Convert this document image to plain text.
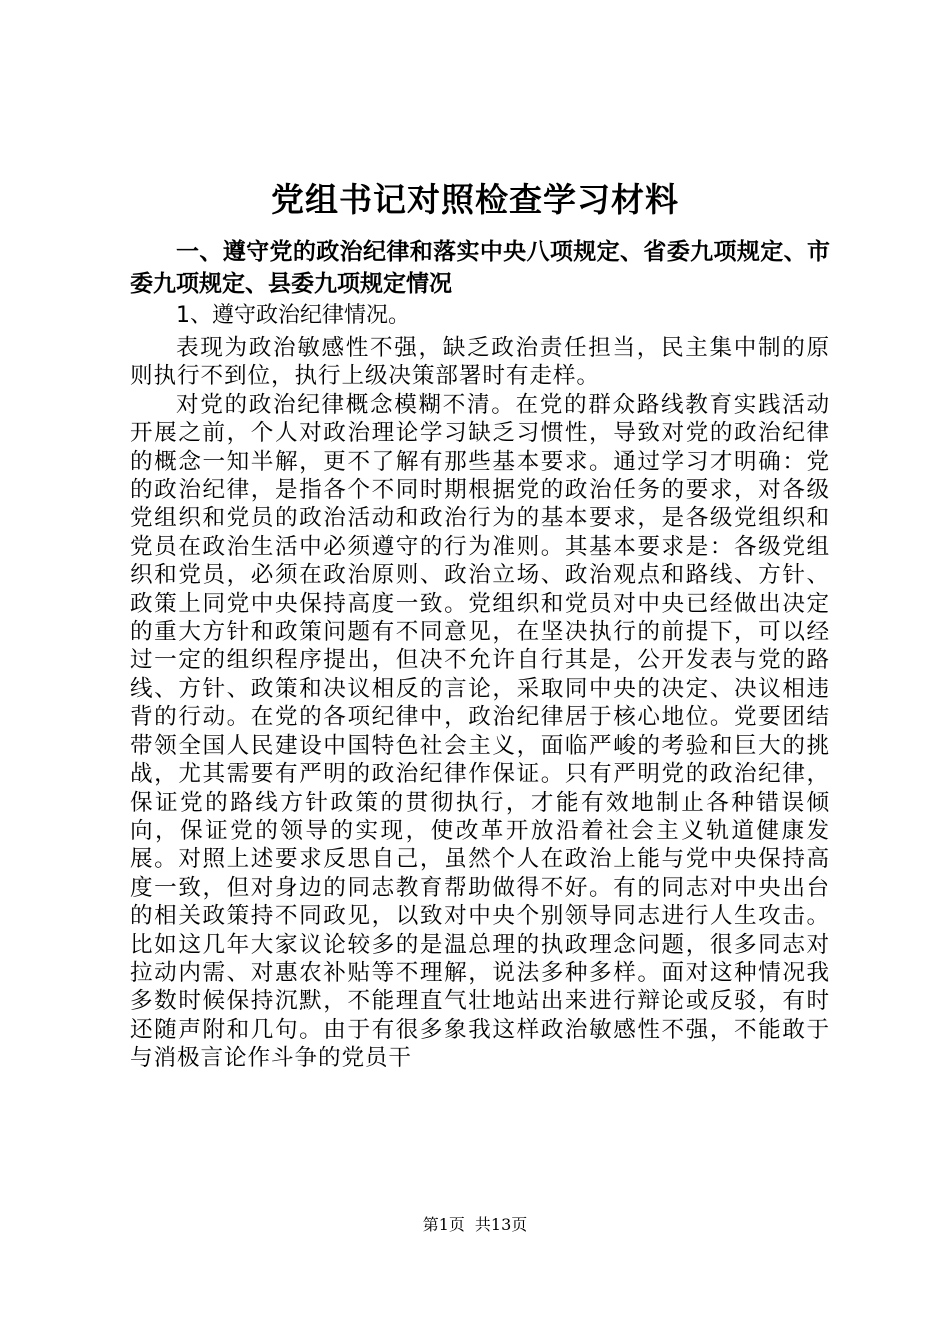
党组书记对照检查学习材料

一、遵守党的政治纪律和落实中央八项规定、省委九项规定、市委九项规定、县委九项规定情况

1、遵守政治纪律情况。

表现为政治敏感性不强，缺乏政治责任担当，民主集中制的原则执行不到位，执行上级决策部署时有走样。

对党的政治纪律概念模糊不清。在党的群众路线教育实践活动开展之前，个人对政治理论学习缺乏习惯性，导致对党的政治纪律的概念一知半解，更不了解有那些基本要求。通过学习才明确：党的政治纪律，是指各个不同时期根据党的政治任务的要求，对各级党组织和党员的政治活动和政治行为的基本要求，是各级党组织和党员在政治生活中必须遵守的行为准则。其基本要求是：各级党组织和党员，必须在政治原则、政治立场、政治观点和路线、方针、政策上同党中央保持高度一致。党组织和党员对中央已经做出决定的重大方针和政策问题有不同意见，在坚决执行的前提下，可以经过一定的组织程序提出，但决不允许自行其是，公开发表与党的路线、方针、政策和决议相反的言论，采取同中央的决定、决议相违背的行动。在党的各项纪律中，政治纪律居于核心地位。党要团结带领全国人民建设中国特色社会主义，面临严峻的考验和巨大的挑战，尤其需要有严明的政治纪律作保证。只有严明党的政治纪律，保证党的路线方针政策的贯彻执行，才能有效地制止各种错误倾向，保证党的领导的实现，使改革开放沿着社会主义轨道健康发展。对照上述要求反思自己，虽然个人在政治上能与党中央保持高度一致，但对身边的同志教育帮助做得不好。有的同志对中央出台的相关政策持不同政见，以致对中央个别领导同志进行人生攻击。比如这几年大家议论较多的是温总理的执政理念问题，很多同志对拉动内需、对惠农补贴等不理解，说法多种多样。面对这种情况我多数时候保持沉默，不能理直气壮地站出来进行辩论或反驳，有时还随声附和几句。由于有很多象我这样政治敏感性不强，不能敢于与消极言论作斗争的党员干

第1页 共13页
